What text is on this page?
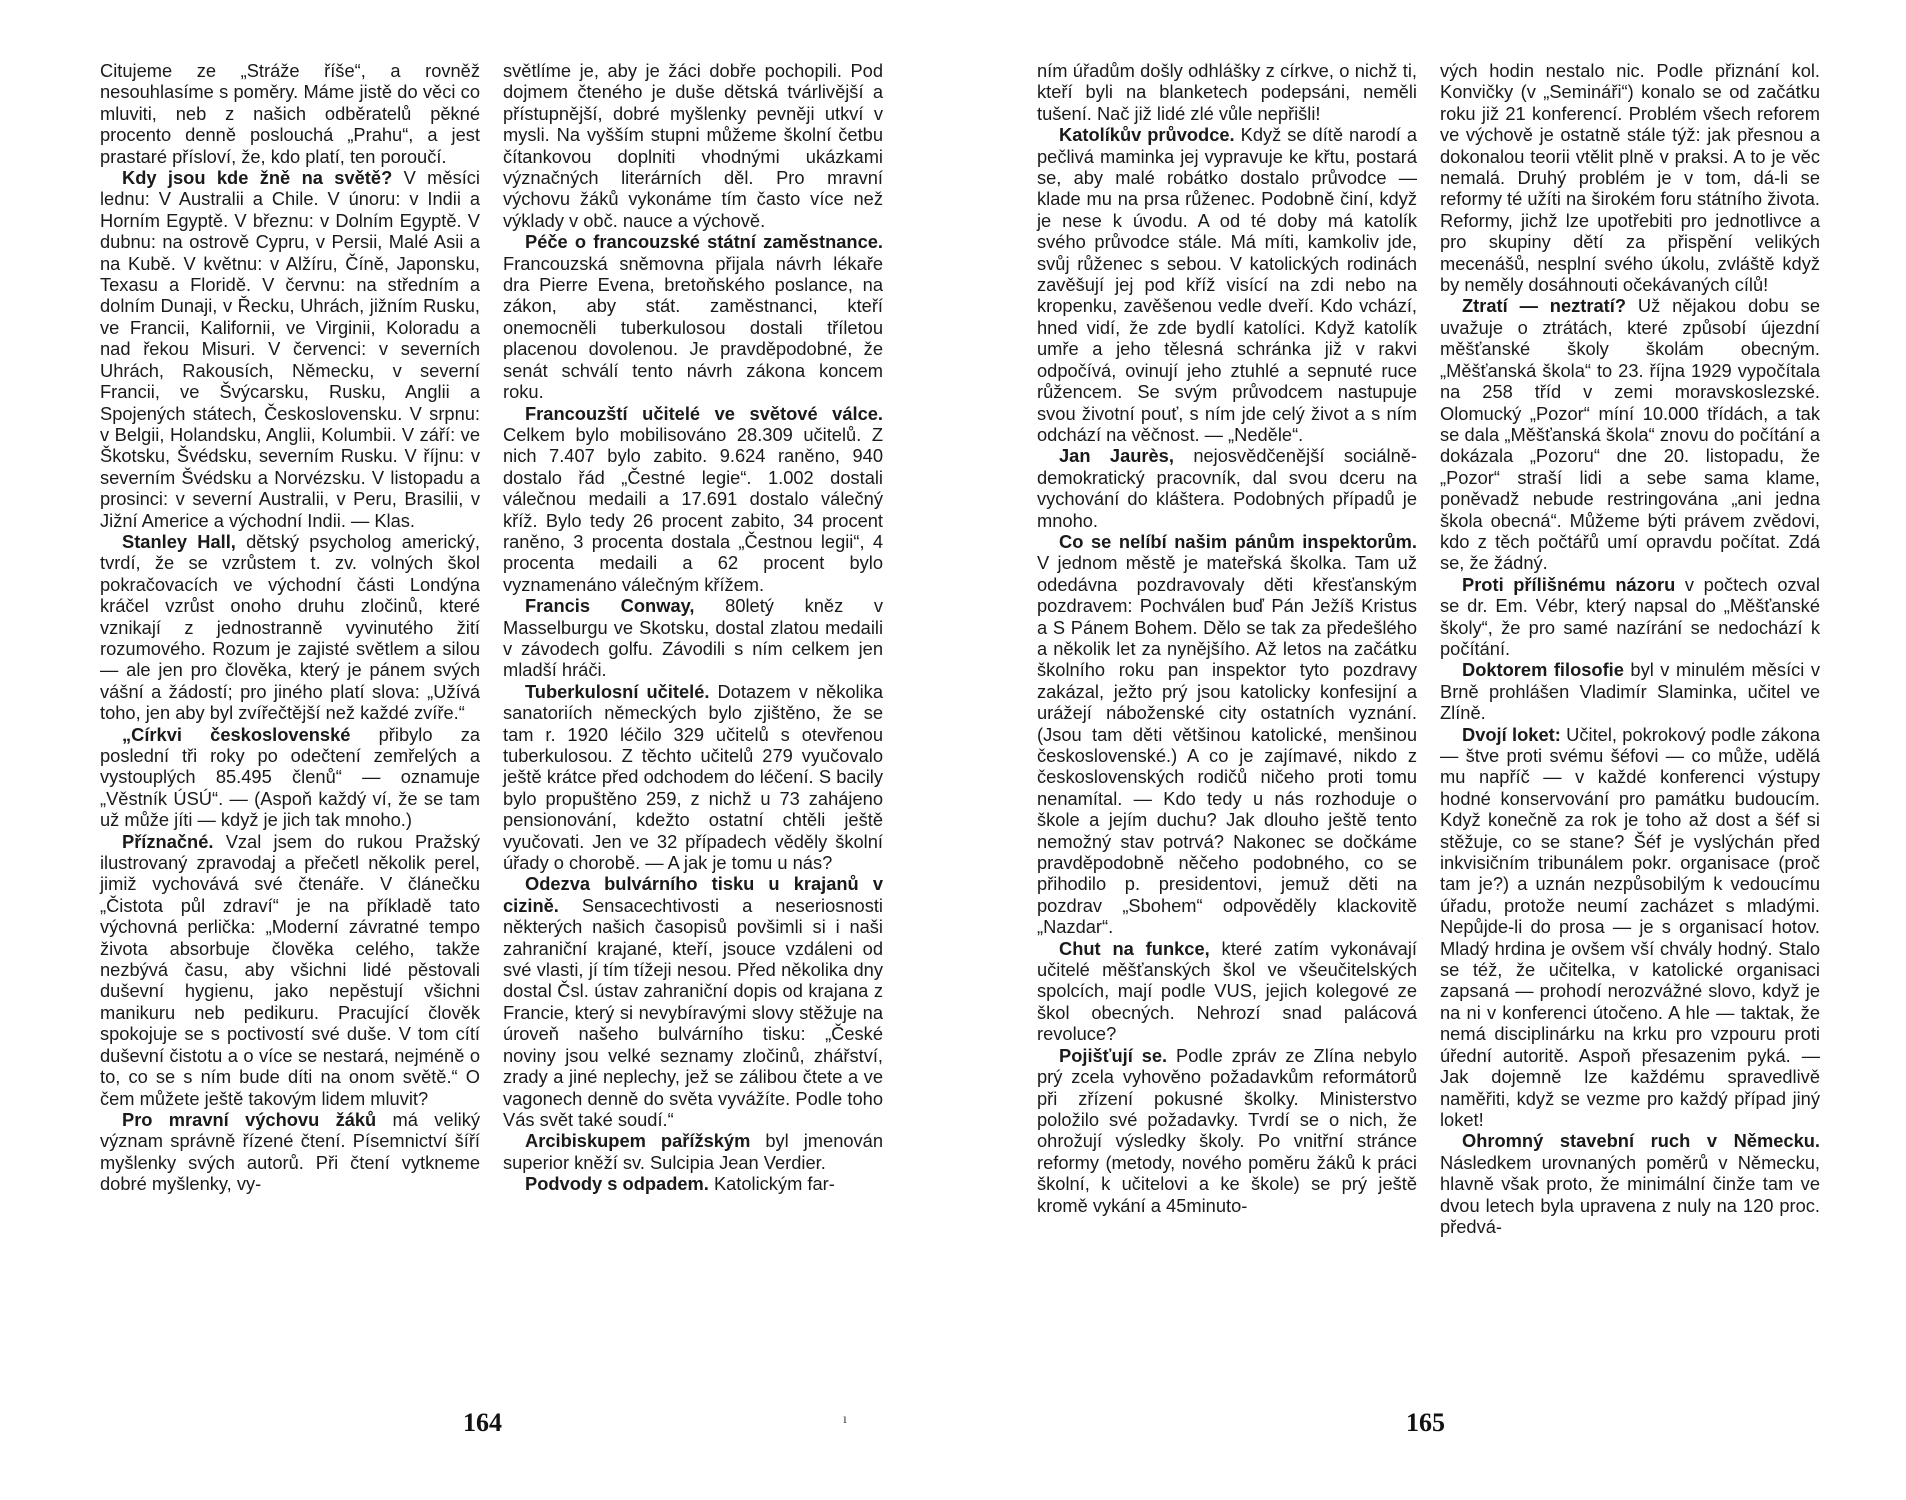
Citujeme ze „Stráže říše“, a rovněž nesouhlasíme s poměry. Máme jistě do věci co mluviti, neb z našich odběratelů pěkné procento denně poslouchá „Prahu“, a jest prastaré přísloví, že, kdo platí, ten poroučí.

Kdy jsou kde žně na světě? V měsíci lednu: V Australii a Chile. V únoru: v Indii a Horním Egyptě. V březnu: v Dolním Egyptě. V dubnu: na ostrově Cypru, v Persii, Malé Asii a na Kubě. V květnu: v Alžíru, Číně, Japonsku, Texasu a Floridě. V červnu: na středním a dolním Dunaji, v Řecku, Uhrách, jižním Rusku, ve Francii, Kalifornii, ve Virginii, Koloradu a nad řekou Misuri. V červenci: v severních Uhrách, Rakousích, Německu, v severní Francii, ve Švýcarsku, Rusku, Anglii a Spojených státech, Československu. V srpnu: v Belgii, Holandsku, Anglii, Kolumbii. V září: ve Škotsku, Švédsku, severním Rusku. V říjnu: v severním Švédsku a Norvézsku. V listopadu a prosinci: v severní Australii, v Peru, Brasilii, v Jižní Americe a východní Indii. — Klas.

Stanley Hall, dětský psycholog americký, tvrdí, že se vzrůstem t. zv. volných škol pokračovacích ve východní části Londýna kráčel vzrůst onoho druhu zločinů, které vznikají z jednostranně vyvinutého žití rozumového. Rozum je zajisté světlem a silou — ale jen pro člověka, který je pánem svých vášní a žádostí; pro jiného platí slova: „Užívá toho, jen aby byl zvířečtější než každé zvíře.“

„Církvi československé přibylo za poslední tři roky po odečtení zemřelých a vystouplých 85.495 členů“ — oznamuje „Věstník ÚSÚ“. — (Aspoň každý ví, že se tam už může jíti — když je jich tak mnoho.)

Příznačné. Vzal jsem do rukou Pražský ilustrovaný zpravodaj a přečetl několik perel, jimiž vychovává své čtenáře. V článečku „Čistota půl zdraví“ je na příkladě tato výchovná perlička: „Moderní závratné tempo života absorbuje člověka celého, takže nezbývá času, aby všichni lidé pěstovali duševní hygienu, jako nepěstují všichni manikuru neb pedikuru. Pracující člověk spokojuje se s poctivostí své duše. V tom cítí duševní čistotu a o více se nestará, nejméně o to, co se s ním bude díti na onom světě.“ O čem můžete ještě takovým lidem mluvit?

Pro mravní výchovu žáků má veliký význam správně řízené čtení. Písemnictví šíří myšlenky svých autorů. Při čtení vytkneme dobré myšlenky, vy-

světlíme je, aby je žáci dobře pochopili. Pod dojmem čteného je duše dětská tvárlivější a přístupnější, dobré myšlenky pevněji utkví v mysli. Na vyšším stupni můžeme školní četbu čítankovou doplniti vhodnými ukázkami význačných literárních děl. Pro mravní výchovu žáků vykonáme tím často více než výklady v obč. nauce a výchově.

Péče o francouzské státní zaměstnance. Francouzská sněmovna přijala návrh lékaře dra Pierre Evena, bretoňského poslance, na zákon, aby stát. zaměstnanci, kteří onemocněli tuberkulosou dostali tříletou placenou dovolenou. Je pravděpodobné, že senát schválí tento návrh zákona koncem roku.

Francouzští učitelé ve světové válce. Celkem bylo mobilisováno 28.309 učitelů. Z nich 7.407 bylo zabito. 9.624 raněno, 940 dostalo řád „Čestné legie“. 1.002 dostali válečnou medaili a 17.691 dostalo válečný kříž. Bylo tedy 26 procent zabito, 34 procent raněno, 3 procenta dostala „Čestnou legii“, 4 procenta medaili a 62 procent bylo vyznamenáno válečným křížem.

Francis Conway, 80letý kněz v Masselburgu ve Skotsku, dostal zlatou medaili v závodech golfu. Závodili s ním celkem jen mladší hráči.

Tuberkulosní učitelé. Dotazem v několika sanatoriích německých bylo zjištěno, že se tam r. 1920 léčilo 329 učitelů s otevřenou tuberkulosou. Z těchto učitelů 279 vyučovalo ještě krátce před odchodem do léčení. S bacily bylo propuštěno 259, z nichž u 73 zahájeno pensionování, kdežto ostatní chtěli ještě vyučovati. Jen ve 32 případech věděly školní úřady o chorobě. — A jak je tomu u nás?

Odezva bulvárního tisku u krajanů v cizině. Sensacechtivosti a neseriosnosti některých našich časopisů povšimli si i naši zahraniční krajané, kteří, jsouce vzdáleni od své vlasti, jí tím tížeji nesou. Před několika dny dostal Čsl. ústav zahraniční dopis od krajana z Francie, který si nevybíravými slovy stěžuje na úroveň našeho bulvárního tisku: „České noviny jsou velké seznamy zločinů, zhářství, zrady a jiné neplechy, jež se zálibou čtete a ve vagonech denně do světa vyvážíte. Podle toho Vás svět také soudí.“

Arcibiskupem pařížským byl jmenován superior kněží sv. Sulcipia Jean Verdier.

Podvody s odpadem. Katolickým far-

164	ı

ním úřadům došly odhlášky z církve, o nichž ti, kteří byli na blanketech podepsáni, neměli tušení. Nač již lidé zlé vůle nepřišli!

Katolíkův průvodce. Když se dítě narodí a pečlivá maminka jej vypravuje ke křtu, postará se, aby malé robátko dostalo průvodce — klade mu na prsa růženec. Podobně činí, když je nese k úvodu. A od té doby má katolík svého průvodce stále. Má míti, kamkoliv jde, svůj růženec s sebou. V katolických rodinách zavěšují jej pod kříž visící na zdi nebo na kropenku, zavěšenou vedle dveří. Kdo vchází, hned vidí, že zde bydlí katolíci. Když katolík umře a jeho tělesná schránka již v rakvi odpočívá, ovinují jeho ztuhlé a sepnuté ruce růžencem. Se svým průvodcem nastupuje svou životní pouť, s ním jde celý život a s ním odchází na věčnost. — „Neděle“.

Jan Jaurès, nejosvědčenější sociálně-demokratický pracovník, dal svou dceru na vychování do kláštera. Podobných případů je mnoho.

Co se nelíbí našim pánům inspektorům. V jednom městě je mateřská školka. Tam už odedávna pozdravovaly děti křesťanským pozdravem: Pochválen buď Pán Ježíš Kristus a S Pánem Bohem. Dělo se tak za předešlého a několik let za nynějšího. Až letos na začátku školního roku pan inspektor tyto pozdravy zakázal, ježto prý jsou katolicky konfesijní a urážejí náboženské city ostatních vyznání. (Jsou tam děti většinou katolické, menšinou československé.) A co je zajímavé, nikdo z československých rodičů ničeho proti tomu nenamítal. — Kdo tedy u nás rozhoduje o škole a jejím duchu? Jak dlouho ještě tento nemožný stav potrvá? Nakonec se dočkáme pravděpodobně něčeho podobného, co se přihodilo p. presidentovi, jemuž děti na pozdrav „Sbohem“ odpověděly klackovitě „Nazdar“.

Chut na funkce, které zatím vykonávají učitelé měšťanských škol ve všeučitelských spolcích, mají podle VUS, jejich kolegové ze škol obecných. Nehrozí snad palácová revoluce?

Pojišťují se. Podle zpráv ze Zlína nebylo prý zcela vyhověno požadavkům reformátorů při zřízení pokusné školky. Ministerstvo položilo své požadavky. Tvrdí se o nich, že ohrožují výsledky školy. Po vnitřní stránce reformy (metody, nového poměru žáků k práci školní, k učitelovi a ke škole) se prý ještě kromě vykání a 45minuto-

vých hodin nestalo nic. Podle přiznání kol. Konvičky (v „Semináři“) konalo se od začátku roku již 21 konferencí. Problém všech reforem ve výchově je ostatně stále týž: jak přesnou a dokonalou teorii vtělit plně v praksi. A to je věc nemalá. Druhý problém je v tom, dá-li se reformy té užíti na širokém foru státního života. Reformy, jichž lze upotřebiti pro jednotlivce a pro skupiny dětí za přispění velikých mecenášů, nesplní svého úkolu, zvláště když by neměly dosáhnouti očekávaných cílů!

Ztratí — neztratí? Už nějakou dobu se uvažuje o ztrátách, které způsobí újezdní měšťanské školy školám obecným. „Měšťanská škola“ to 23. října 1929 vypočítala na 258 tříd v zemi moravskoslezské. Olomucký „Pozor“ míní 10.000 třídách, a tak se dala „Měšťanská škola“ znovu do počítání a dokázala „Pozoru“ dne 20. listopadu, že „Pozor“ straší lidi a sebe sama klame, poněvadž nebude restringována „ani jedna škola obecná“. Můžeme býti právem zvědovi, kdo z těch počtářů umí opravdu počítat. Zdá se, že žádný.

Proti přílišnému názoru v počtech ozval se dr. Em. Vébr, který napsal do „Měšťanské školy“, že pro samé nazírání se nedochází k počítání.

Doktorem filosofie byl v minulém měsíci v Brně prohlášen Vladimír Slaminka, učitel ve Zlíně.

Dvojí loket: Učitel, pokrokový podle zákona — štve proti svému šéfovi — co může, udělá mu napříč — v každé konferenci výstupy hodné konservování pro památku budoucím. Když konečně za rok je toho až dost a šéf si stěžuje, co se stane? Šéf je vyslýchán před inkvisičním tribunálem pokr. organisace (proč tam je?) a uznán nezpůsobilým k vedoucímu úřadu, protože neumí zacházet s mladými. Nepůjde-li do prosa — je s organisací hotov. Mladý hrdina je ovšem vší chvály hodný. Stalo se též, že učitelka, v katolické organisaci zapsaná — prohodí nerozvážné slovo, když je na ni v konferenci útočeno. A hle — taktak, že nemá disciplinárku na krku pro vzpouru proti úřední autoritě. Aspoň přesazenim pyká. — Jak dojemně lze každému spravedlivě naměřiti, když se vezme pro každý případ jiný loket!

Ohromný stavební ruch v Německu. Následkem urovnaných poměrů v Německu, hlavně však proto, že minimální činže tam ve dvou letech byla upravena z nuly na 120 proc. předvá-

165
